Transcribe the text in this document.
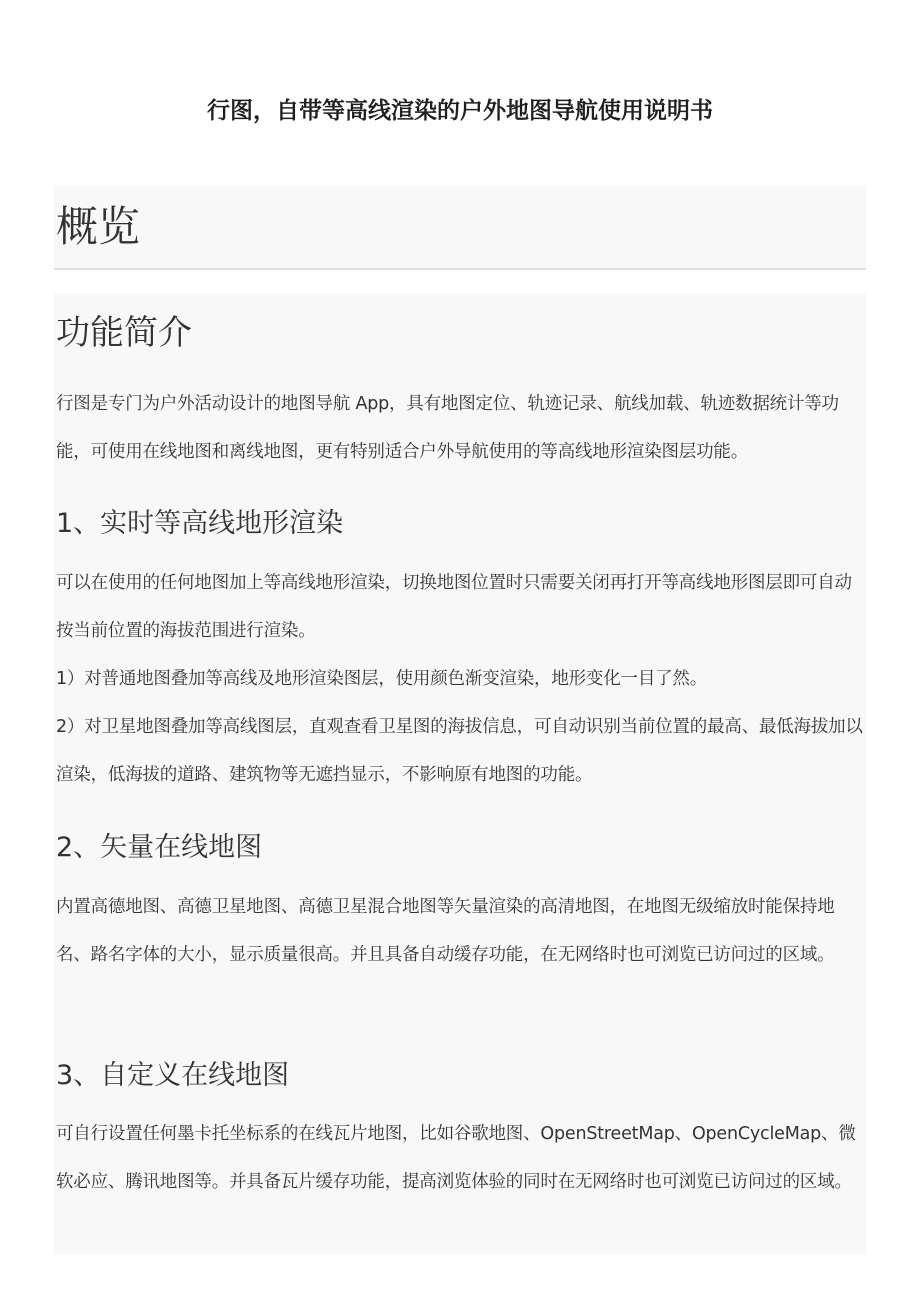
行图，自带等高线渲染的户外地图导航使用说明书
概览
功能简介

行图是专门为户外活动设计的地图导航 App，具有地图定位、轨迹记录、航线加载、轨迹数据统计等功能，可使用在线地图和离线地图，更有特别适合户外导航使用的等高线地形渲染图层功能。

1、实时等高线地形渲染

可以在使用的任何地图加上等高线地形渲染，切换地图位置时只需要关闭再打开等高线地形图层即可自动按当前位置的海拔范围进行渲染。

1）对普通地图叠加等高线及地形渲染图层，使用颜色渐变渲染，地形变化一目了然。

2）对卫星地图叠加等高线图层，直观查看卫星图的海拔信息，可自动识别当前位置的最高、最低海拔加以渲染，低海拔的道路、建筑物等无遮挡显示，不影响原有地图的功能。

2、矢量在线地图

内置高德地图、高德卫星地图、高德卫星混合地图等矢量渲染的高清地图，在地图无级缩放时能保持地名、路名字体的大小，显示质量很高。并且具备自动缓存功能，在无网络时也可浏览已访问过的区域。

3、自定义在线地图

可自行设置任何墨卡托坐标系的在线瓦片地图，比如谷歌地图、OpenStreetMap、OpenCycleMap、微软必应、腾讯地图等。并具备瓦片缓存功能，提高浏览体验的同时在无网络时也可浏览已访问过的区域。
